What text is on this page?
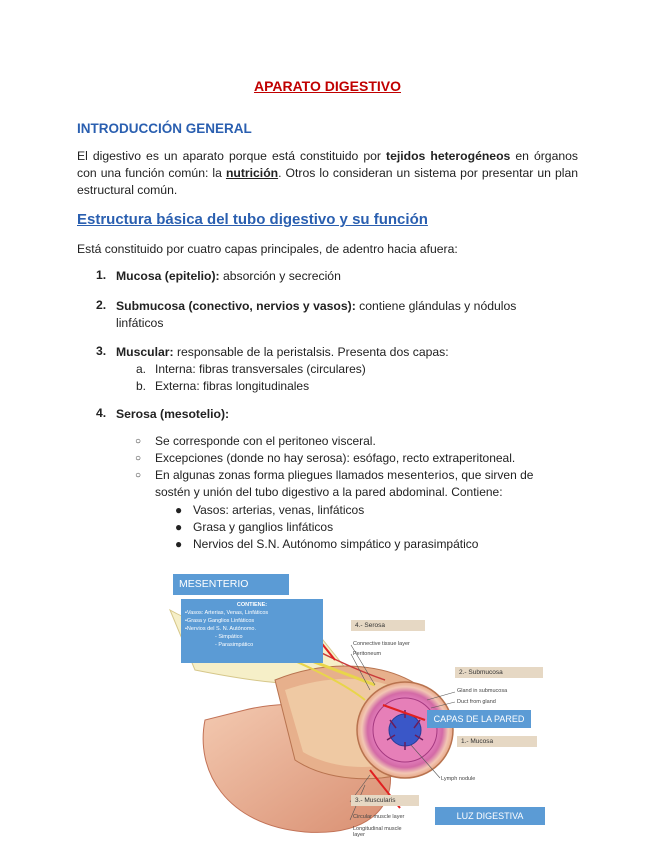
APARATO DIGESTIVO
INTRODUCCIÓN GENERAL
El digestivo es un aparato porque está constituido por tejidos heterogéneos en órganos con una función común: la nutrición. Otros lo consideran un sistema por presentar un plan estructural común.
Estructura básica del tubo digestivo y su función
Está constituido por cuatro capas principales, de adentro hacia afuera:
1. Mucosa (epitelio): absorción y secreción
2. Submucosa (conectivo, nervios y vasos): contiene glándulas y nódulos
linfáticos
3. Muscular: responsable de la peristalsis. Presenta dos capas:
a. Interna: fibras transversales (circulares)
b. Externa: fibras longitudinales
4. Serosa (mesotelio):
○ Se corresponde con el peritoneo visceral.
○ Excepciones (donde no hay serosa): esófago, recto extraperitoneal.
○ En algunas zonas forma pliegues llamados mesenterios, que sirven de
sostén y unión del tubo digestivo a la pared abdominal. Contiene:
● Vasos: arterias, venas, linfáticos
● Grasa y ganglios linfáticos
● Nervios del S.N. Autónomo simpático y parasimpático
MESENTERIO
CONTIENE:
•Vasos: Arterias, Venas, Linfáticos
•Grasa y Ganglios Linfáticos
•Nervios del S. N. Autónomo.
- Simpático
- Parasimpático
4.- Serosa
Connective tissue layer
Peritoneum
2.- Submucosa
Gland in submucosa
Duct from gland
CAPAS DE LA PARED
1.- Mucosa
Lymph nodule
3.- Muscularis
Circular muscle layer
Longitudinal muscle layer
LUZ DIGESTIVA
